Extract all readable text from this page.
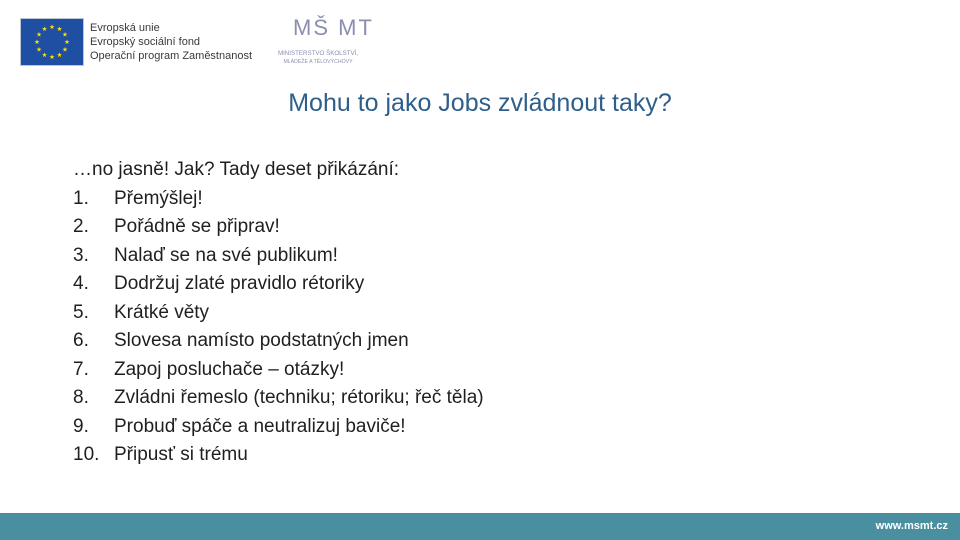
Evropská unie
Evropský sociální fond
Operační program Zaměstnanost
MŠ MT
MINISTERSTVO ŠKOLSTVÍ,
MLÁDEŽE A TĚLOVÝCHOVY
Mohu to jako Jobs zvládnout taky?
…no jasně! Jak? Tady deset přikázání:
1.	Přemýšlej!
2.	Pořádně se připrav!
3.	Nalaď se na své publikum!
4.	Dodržuj zlaté pravidlo rétoriky
5.	Krátké věty
6.	Slovesa namísto podstatných jmen
7.	Zapoj posluchače – otázky!
8.	Zvládni řemeslo (techniku; rétoriku; řeč těla)
9.	Probuď spáče a neutralizuj baviče!
10. Připusť si trému
www.msmt.cz
